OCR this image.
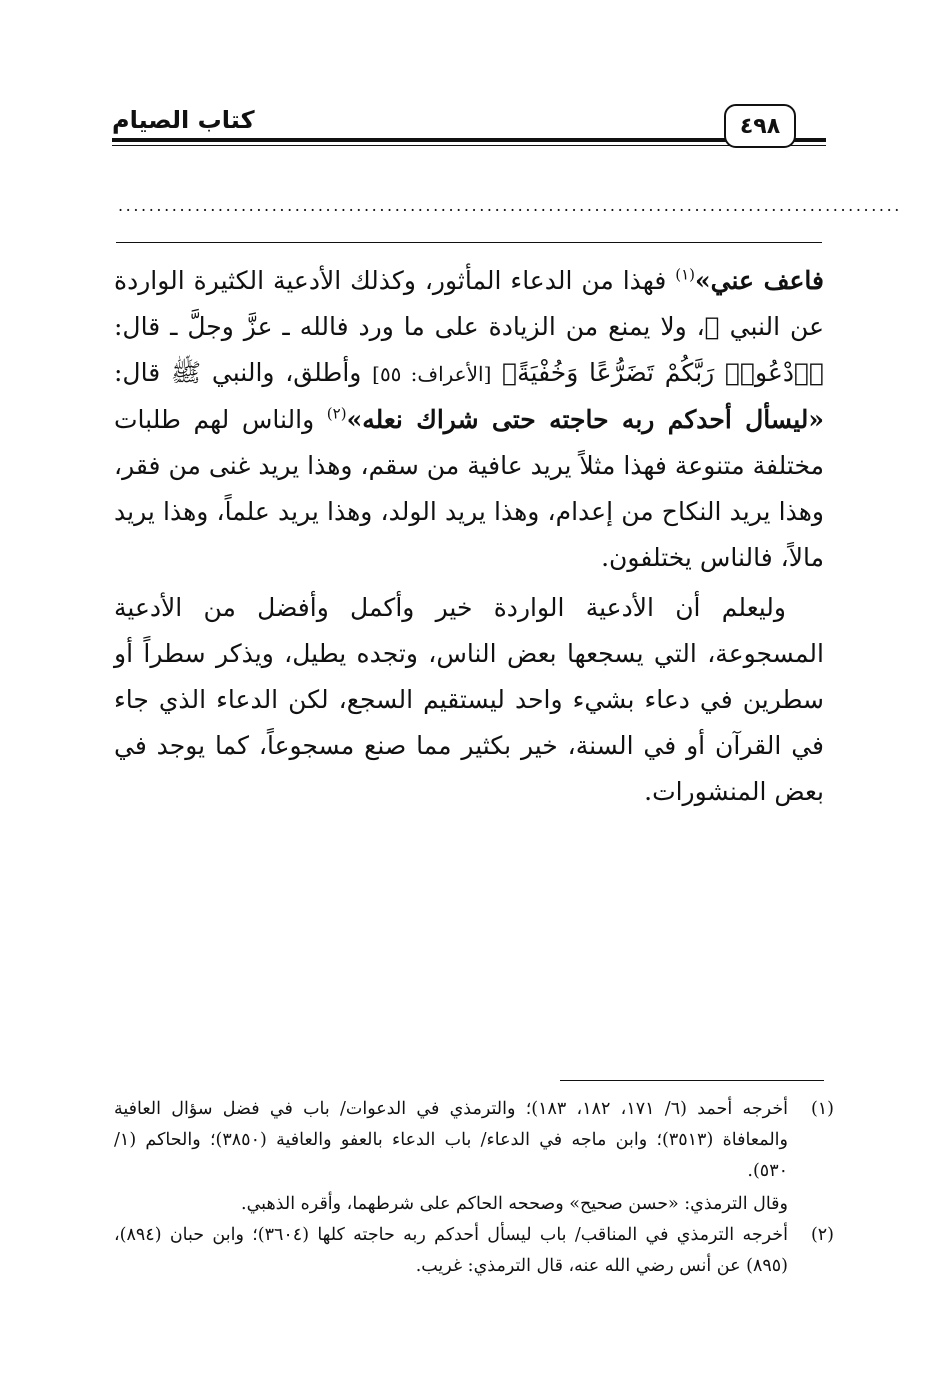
كتاب الصيام	٤٩٨
......................................................................................................

فاعف عني»$^{(١)}$ فهذا من الدعاء المأثور، وكذلك الأدعية الكثيرة الواردة عن النبي ﷺ، ولا يمنع من الزيادة على ما ورد فالله ـ عزَّ وجلَّ ـ قال: ﴿ٱدْعُوا۟ رَبَّكُمْ تَضَرُّعًا وَخُفْيَةً﴾ [الأعراف: ٥٥] وأطلق، والنبي ﷺ قال: «ليسأل أحدكم ربه حاجته حتى شراك نعله»$^{(٢)}$ والناس لهم طلبات مختلفة متنوعة فهذا مثلاً يريد عافية من سقم، وهذا يريد غنى من فقر، وهذا يريد النكاح من إعدام، وهذا يريد الولد، وهذا يريد علماً، وهذا يريد مالاً، فالناس يختلفون.

وليعلم أن الأدعية الواردة خير وأكمل وأفضل من الأدعية المسجوعة، التي يسجعها بعض الناس، وتجده يطيل، ويذكر سطراً أو سطرين في دعاء بشيء واحد ليستقيم السجع، لكن الدعاء الذي جاء في القرآن أو في السنة، خير بكثير مما صنع مسجوعاً، كما يوجد في بعض المنشورات.

(١)
أخرجه أحمد (٦/ ١٧١، ١٨٢، ١٨٣)؛ والترمذي في الدعوات/ باب في فضل سؤال العافية والمعافاة (٣٥١٣)؛ وابن ماجه في الدعاء/ باب الدعاء بالعفو والعافية (٣٨٥٠)؛ والحاكم (١/ ٥٣٠).
وقال الترمذي: «حسن صحيح» وصححه الحاكم على شرطهما، وأقره الذهبي.
(٢)
أخرجه الترمذي في المناقب/ باب ليسأل أحدكم ربه حاجته كلها (٣٦٠٤)؛ وابن حبان (٨٩٤)، (٨٩٥) عن أنس رضي الله عنه، قال الترمذي: غريب.
